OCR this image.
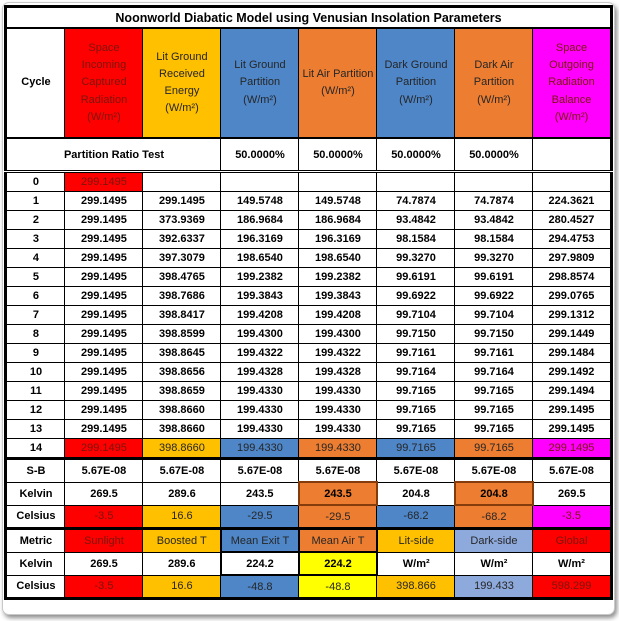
Noonworld Diabatic Model using Venusian Insolation Parameters							
Cycle	Space Incoming Captured Radiation (W/m²)	Lit Ground Received Energy (W/m²)	Lit Ground Partition (W/m²)	Lit Air Partition (W/m²)	Dark Ground Partition (W/m²)	Dark Air Partition (W/m²)	Space Outgoing Radiation Balance (W/m²)
Partition Ratio Test			50.0000%	50.0000%	50.0000%	50.0000%	
0	299.1495						
1	299.1495	299.1495	149.5748	149.5748	74.7874	74.7874	224.3621
2	299.1495	373.9369	186.9684	186.9684	93.4842	93.4842	280.4527
3	299.1495	392.6337	196.3169	196.3169	98.1584	98.1584	294.4753
4	299.1495	397.3079	198.6540	198.6540	99.3270	99.3270	297.9809
5	299.1495	398.4765	199.2382	199.2382	99.6191	99.6191	298.8574
6	299.1495	398.7686	199.3843	199.3843	99.6922	99.6922	299.0765
7	299.1495	398.8417	199.4208	199.4208	99.7104	99.7104	299.1312
8	299.1495	398.8599	199.4300	199.4300	99.7150	99.7150	299.1449
9	299.1495	398.8645	199.4322	199.4322	99.7161	99.7161	299.1484
10	299.1495	398.8656	199.4328	199.4328	99.7164	99.7164	299.1492
11	299.1495	398.8659	199.4330	199.4330	99.7165	99.7165	299.1494
12	299.1495	398.8660	199.4330	199.4330	99.7165	99.7165	299.1495
13	299.1495	398.8660	199.4330	199.4330	99.7165	99.7165	299.1495
14	299.1495	398.8660	199.4330	199.4330	99.7165	99.7165	299.1495
S-B	5.67E-08	5.67E-08	5.67E-08	5.67E-08	5.67E-08	5.67E-08	5.67E-08
Kelvin	269.5	289.6	243.5	243.5	204.8	204.8	269.5
Celsius	-3.5	16.6	-29.5	-29.5	-68.2	-68.2	-3.5
Metric	Sunlight	Boosted T	Mean Exit T	Mean Air T	Lit-side	Dark-side	Global
Kelvin	269.5	289.6	224.2	224.2	W/m²	W/m²	W/m²
Celsius	-3.5	16.6	-48.8	-48.8	398.866	199.433	598.299
